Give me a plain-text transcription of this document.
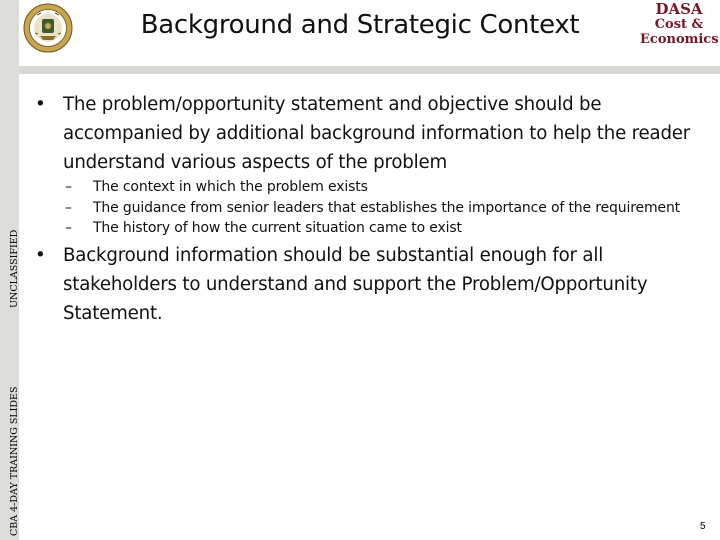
UNCLASSIFIED
CBA 4-DAY TRAINING SLIDES
Background and Strategic Context
DASA
Cost &
Economics
• The problem/opportunity statement and objective should be accompanied by additional background information to help the reader understand various aspects of the problem
– The context in which the problem exists
– The guidance from senior leaders that establishes the importance of the requirement
– The history of how the current situation came to exist
• Background information should be substantial enough for all stakeholders to understand and support the Problem/Opportunity Statement.
5
